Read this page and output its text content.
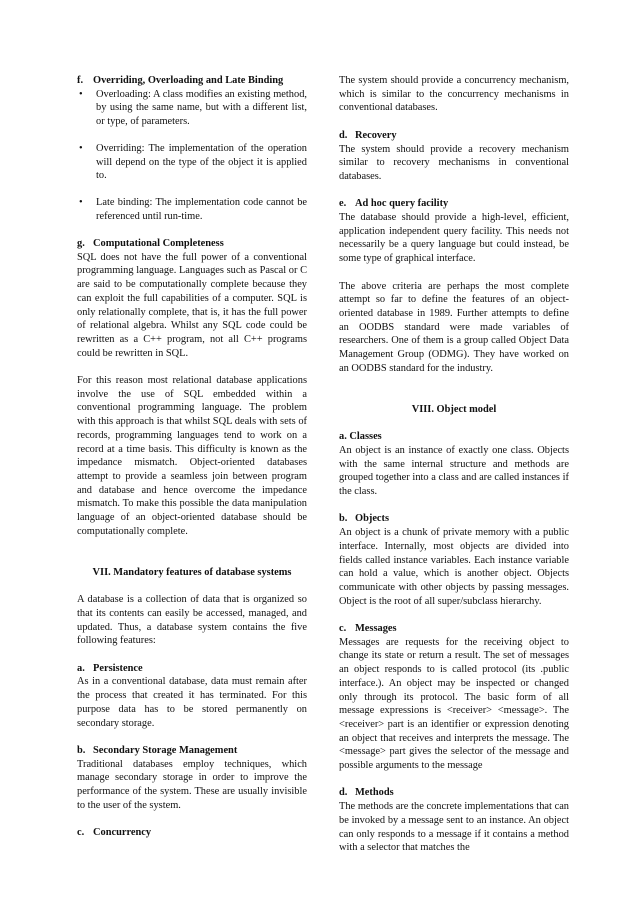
f. Overriding, Overloading and Late Binding

• Overloading: A class modifies an existing method, by using the same name, but with a different list, or type, of parameters.
• Overriding: The implementation of the operation will depend on the type of the object it is applied to.
• Late binding: The implementation code cannot be referenced until run-time.

g. Computational Completeness

SQL does not have the full power of a conventional programming language. Languages such as Pascal or C are said to be computationally complete because they can exploit the full capabilities of a computer. SQL is only relationally complete, that is, it has the full power of relational algebra. Whilst any SQL code could be rewritten as a C++ program, not all C++ programs could be rewritten in SQL.

For this reason most relational database applications involve the use of SQL embedded within a conventional programming language. The problem with this approach is that whilst SQL deals with sets of records, programming languages tend to work on a record at a time basis. This difficulty is known as the impedance mismatch. Object-oriented databases attempt to provide a seamless join between program and database and hence overcome the impedance mismatch. To make this possible the data manipulation language of an object-oriented database should be computationally complete.

VII. Mandatory features of database systems

A database is a collection of data that is organized so that its contents can easily be accessed, managed, and updated. Thus, a database system contains the five following features:

a. Persistence

As in a conventional database, data must remain after the process that created it has terminated. For this purpose data has to be stored permanently on secondary storage.

b. Secondary Storage Management

Traditional databases employ techniques, which manage secondary storage in order to improve the performance of the system. These are usually invisible to the user of the system.

c. Concurrency

The system should provide a concurrency mechanism, which is similar to the concurrency mechanisms in conventional databases.

d. Recovery

The system should provide a recovery mechanism similar to recovery mechanisms in conventional databases.

e. Ad hoc query facility

The database should provide a high-level, efficient, application independent query facility. This needs not necessarily be a query language but could instead, be some type of graphical interface.

The above criteria are perhaps the most complete attempt so far to define the features of an object-oriented database in 1989. Further attempts to define an OODBS standard were made variables of researchers. One of them is a group called Object Data Management Group (ODMG). They have worked on an OODBS standard for the industry.

VIII. Object model

a. Classes

An object is an instance of exactly one class. Objects with the same internal structure and methods are grouped together into a class and are called instances if the class.

b. Objects

An object is a chunk of private memory with a public interface. Internally, most objects are divided into fields called instance variables. Each instance variable can hold a value, which is another object. Objects communicate with other objects by passing messages. Object is the root of all super/subclass hierarchy.

c. Messages

Messages are requests for the receiving object to change its state or return a result. The set of messages an object responds to is called protocol (its .public interface.). An object may be inspected or changed only through its protocol. The basic form of all message expressions is <receiver> <message>. The <receiver> part is an identifier or expression denoting an object that receives and interprets the message. The <message> part gives the selector of the message and possible arguments to the message

d. Methods

The methods are the concrete implementations that can be invoked by a message sent to an instance. An object can only responds to a message if it contains a method with a selector that matches the
